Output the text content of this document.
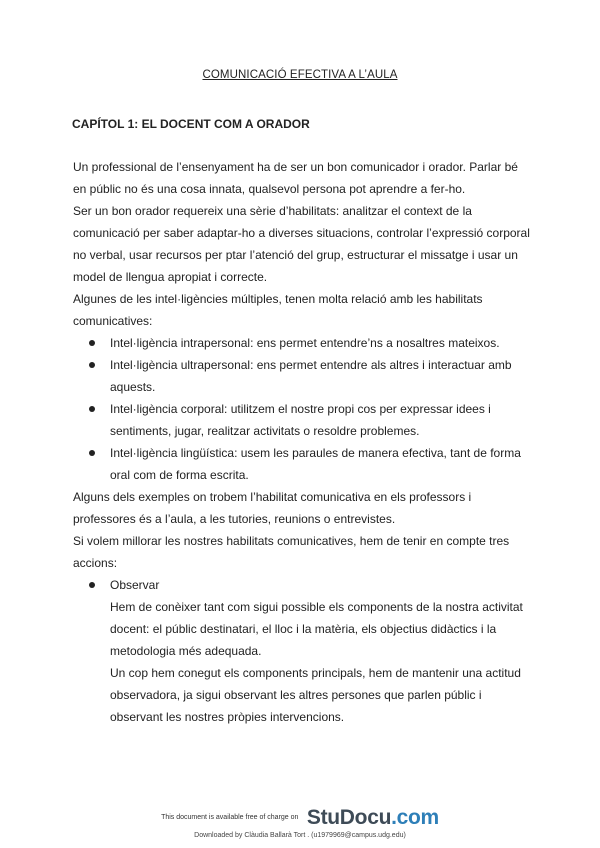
COMUNICACIÓ EFECTIVA A L’AULA
CAPÍTOL 1: EL DOCENT COM A ORADOR

Un professional de l’ensenyament ha de ser un bon comunicador i orador. Parlar bé en públic no és una cosa innata, qualsevol persona pot aprendre a fer-ho.

Ser un bon orador requereix una sèrie d’habilitats: analitzar el context de la comunicació per saber adaptar-ho a diverses situacions, controlar l’expressió corporal no verbal, usar recursos per ptar l’atenció del grup, estructurar el missatge i usar un model de llengua apropiat i correcte.

Algunes de les intel·ligències múltiples, tenen molta relació amb les habilitats comunicatives:

Intel·ligència intrapersonal: ens permet entendre’ns a nosaltres mateixos.
Intel·ligència ultrapersonal: ens permet entendre als altres i interactuar amb aquests.
Intel·ligència corporal: utilitzem el nostre propi cos per expressar idees i sentiments, jugar, realitzar activitats o resoldre problemes.
Intel·ligència lingüística: usem les paraules de manera efectiva, tant de forma oral com de forma escrita.

Alguns dels exemples on trobem l’habilitat comunicativa en els professors i professores és a l’aula, a les tutories, reunions o entrevistes.

Si volem millorar les nostres habilitats comunicatives, hem de tenir en compte tres accions:

Observar

Hem de conèixer tant com sigui possible els components de la nostra activitat docent: el públic destinatari, el lloc i la matèria, els objectius didàctics i la metodologia més adequada.

Un cop hem conegut els components principals, hem de mantenir una actitud observadora, ja sigui observant les altres persones que parlen públic i observant les nostres pròpies intervencions.

$^{This document is available free of charge on}$ StuDocu.com
Downloaded by Clàudia Ballarà Tort . (u1979969@campus.udg.edu)
